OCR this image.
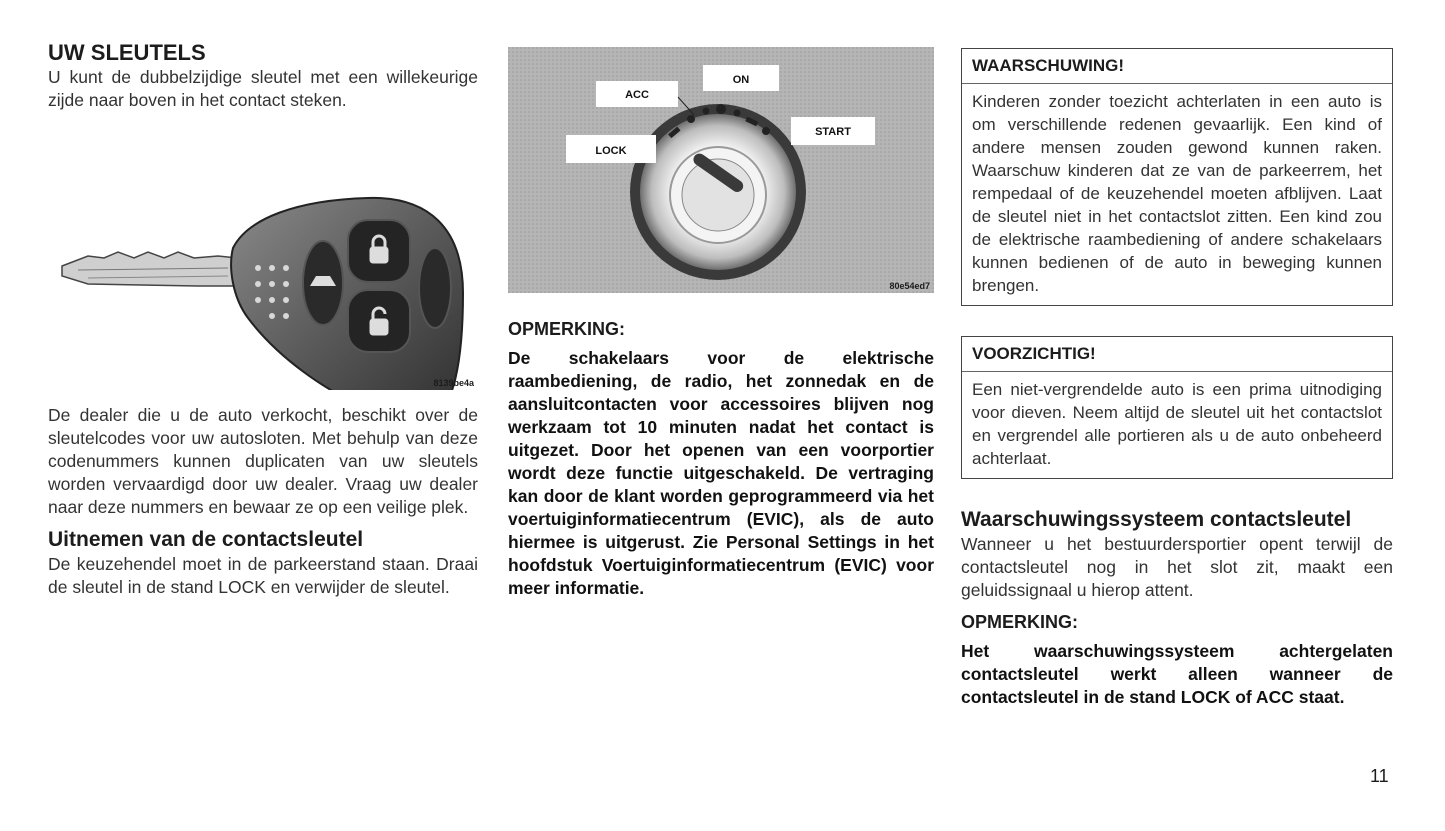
UW SLEUTELS

U kunt de dubbelzijdige sleutel met een willekeurige zijde naar boven in het contact steken.

8139be4a

De dealer die u de auto verkocht, beschikt over de sleutelcodes voor uw autosloten. Met behulp van deze codenummers kunnen duplicaten van uw sleutels worden vervaardigd door uw dealer. Vraag uw dealer naar deze nummers en bewaar ze op een veilige plek.

Uitnemen van de contactsleutel

De keuzehendel moet in de parkeerstand staan. Draai de sleutel in de stand LOCK en verwijder de sleutel.

ACC
ON
LOCK
START
80e54ed7
OPMERKING:

De schakelaars voor de elektrische raambediening, de radio, het zonnedak en de aansluitcontacten voor accessoires blijven nog werkzaam tot 10 minuten nadat het contact is uitgezet. Door het openen van een voorportier wordt deze functie uitgeschakeld. De vertraging kan door de klant worden geprogrammeerd via het voertuiginformatiecentrum (EVIC), als de auto hiermee is uitgerust. Zie Personal Settings in het hoofdstuk Voertuiginformatiecentrum (EVIC) voor meer informatie.

WAARSCHUWING!

Kinderen zonder toezicht achterlaten in een auto is om verschillende redenen gevaarlijk. Een kind of andere mensen zouden gewond kunnen raken. Waarschuw kinderen dat ze van de parkeerrem, het rempedaal of de keuzehendel moeten afblijven. Laat de sleutel niet in het contactslot zitten. Een kind zou de elektrische raambediening of andere schakelaars kunnen bedienen of de auto in beweging kunnen brengen.

VOORZICHTIG!

Een niet-vergrendelde auto is een prima uitnodiging voor dieven. Neem altijd de sleutel uit het contactslot en vergrendel alle portieren als u de auto onbeheerd achterlaat.

Waarschuwingssysteem contactsleutel

Wanneer u het bestuurdersportier opent terwijl de contactsleutel nog in het slot zit, maakt een geluidssignaal u hierop attent.

OPMERKING:

Het waarschuwingssysteem achtergelaten contactsleutel werkt alleen wanneer de contactsleutel in de stand LOCK of ACC staat.

11
